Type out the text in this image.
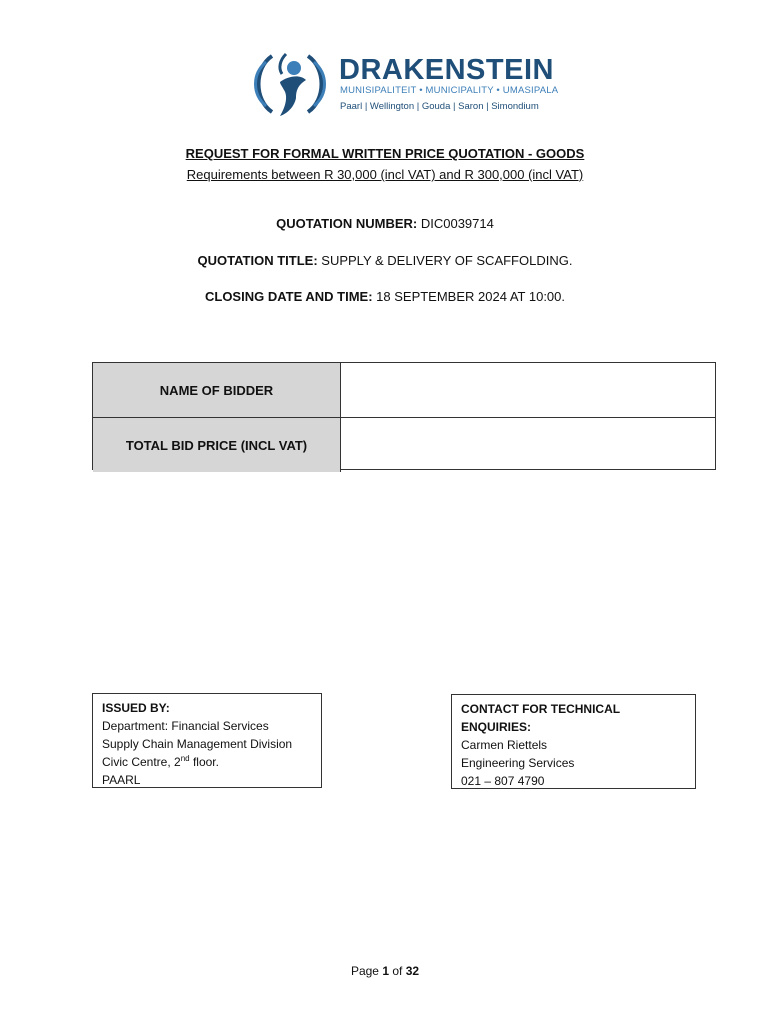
DRAKENSTEIN
MUNISIPALITEIT • MUNICIPALITY • UMASIPALA
Paarl | Wellington | Gouda | Saron | Simondium
REQUEST FOR FORMAL WRITTEN PRICE QUOTATION - GOODS
Requirements between R 30,000 (incl VAT) and R 300,000 (incl VAT)
QUOTATION NUMBER: DIC0039714
QUOTATION TITLE: SUPPLY & DELIVERY OF SCAFFOLDING.
CLOSING DATE AND TIME: 18 SEPTEMBER 2024 AT 10:00.
NAME OF BIDDER
TOTAL BID PRICE (INCL VAT)
ISSUED BY:
Department: Financial Services
Supply Chain Management Division
Civic Centre, 2nd floor.
PAARL
CONTACT FOR TECHNICAL ENQUIRIES:
Carmen Riettels
Engineering Services
021 – 807 4790
Page 1 of 32
